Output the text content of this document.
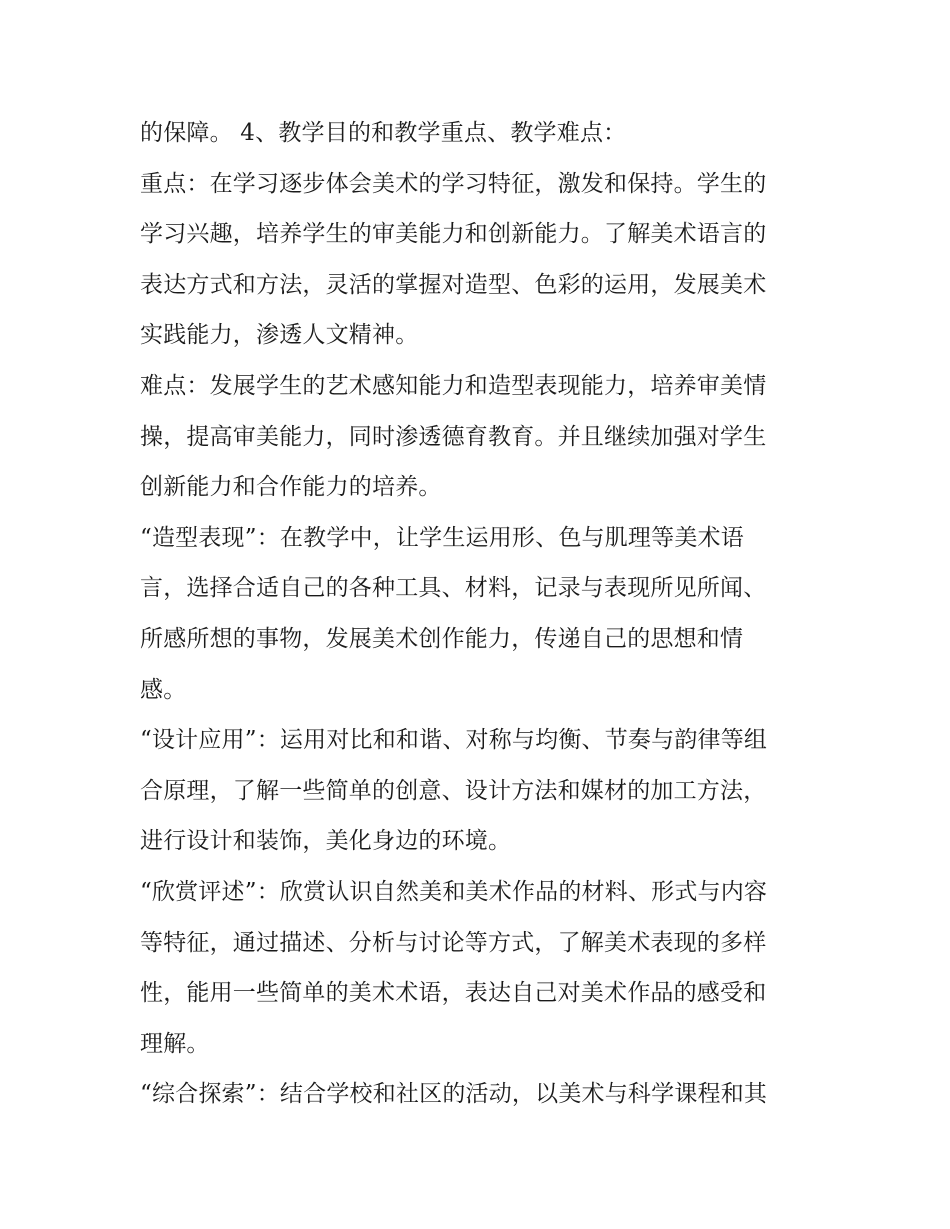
的保障。 4、教学目的和教学重点、教学难点：
重点：在学习逐步体会美术的学习特征，激发和保持。学生的
学习兴趣，培养学生的审美能力和创新能力。了解美术语言的
表达方式和方法，灵活的掌握对造型、色彩的运用，发展美术
实践能力，渗透人文精神。
难点：发展学生的艺术感知能力和造型表现能力，培养审美情
操，提高审美能力，同时渗透德育教育。并且继续加强对学生
创新能力和合作能力的培养。
“造型表现”：在教学中，让学生运用形、色与肌理等美术语
言，选择合适自己的各种工具、材料，记录与表现所见所闻、
所感所想的事物，发展美术创作能力，传递自己的思想和情
感。
“设计应用”：运用对比和和谐、对称与均衡、节奏与韵律等组
合原理，了解一些简单的创意、设计方法和媒材的加工方法，
进行设计和装饰，美化身边的环境。
“欣赏评述”：欣赏认识自然美和美术作品的材料、形式与内容
等特征，通过描述、分析与讨论等方式，了解美术表现的多样
性，能用一些简单的美术术语，表达自己对美术作品的感受和
理解。
“综合探索”：结合学校和社区的活动，以美术与科学课程和其
